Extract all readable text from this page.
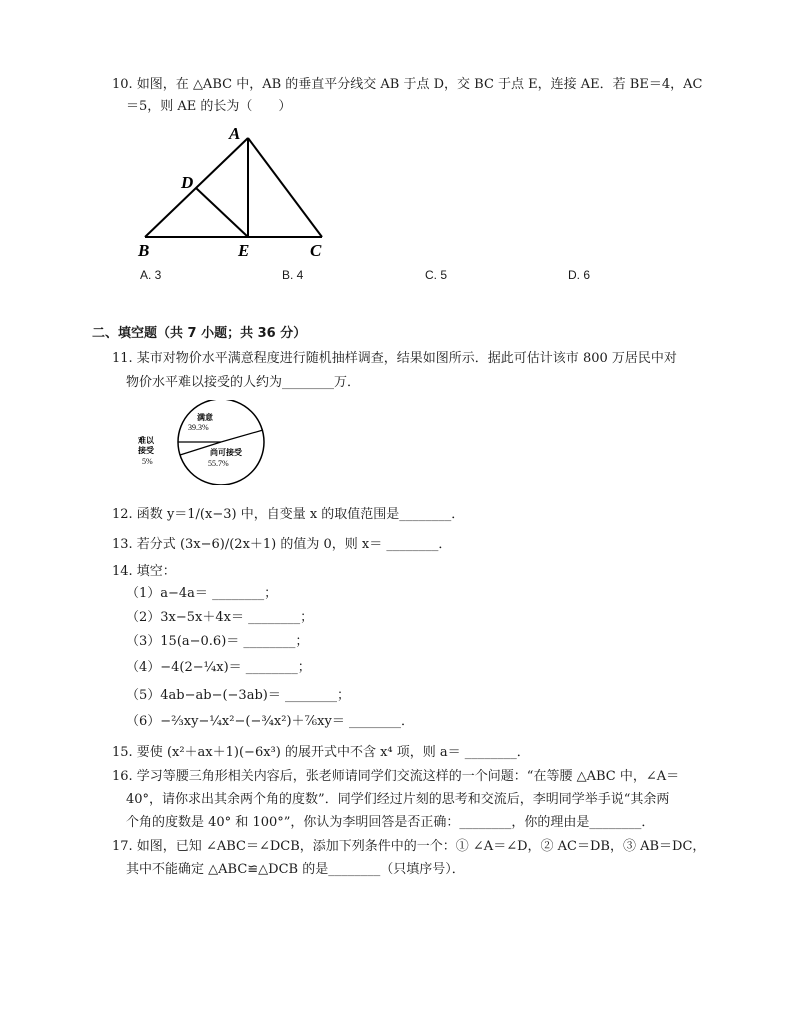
10. 如图，在 △ABC 中，AB 的垂直平分线交 AB 于点 D，交 BC 于点 E，连接 AE．若 BE＝4，AC
＝5，则 AE 的长为（　　）
A
D
B	E	C
A. 3	B. 4	C. 5	D. 6
二、填空题（共 7 小题；共 36 分）
11. 某市对物价水平满意程度进行随机抽样调查，结果如图所示．据此可估计该市 800 万居民中对
物价水平难以接受的人约为________万．
满意
39.3%
尚可接受
55.7%
难以
接受
5%
12. 函数 y＝1/(x−3) 中，自变量 x 的取值范围是________．
13. 若分式 (3x−6)/(2x＋1) 的值为 0，则 x＝ ________．
14. 填空：
（1）a−4a＝ ________；
（2）3x−5x＋4x＝ ________；
（3）15(a−0.6)＝ ________；
（4）−4(2−¼x)＝ ________；
（5）4ab−ab−(−3ab)＝ ________；
（6）−⅔xy−¼x²−(−¾x²)＋⁷⁄₆xy＝ ________．
15. 要使 (x²＋ax＋1)(−6x³) 的展开式中不含 x⁴ 项，则 a＝ ________．
16. 学习等腰三角形相关内容后，张老师请同学们交流这样的一个问题：“在等腰 △ABC 中，∠A＝
40°，请你求出其余两个角的度数”．同学们经过片刻的思考和交流后，李明同学举手说“其余两
个角的度数是 40° 和 100°”，你认为李明回答是否正确：________，你的理由是________．
17. 如图，已知 ∠ABC＝∠DCB，添加下列条件中的一个：① ∠A＝∠D，② AC＝DB，③ AB＝DC，
其中不能确定 △ABC≌△DCB 的是________（只填序号）．
